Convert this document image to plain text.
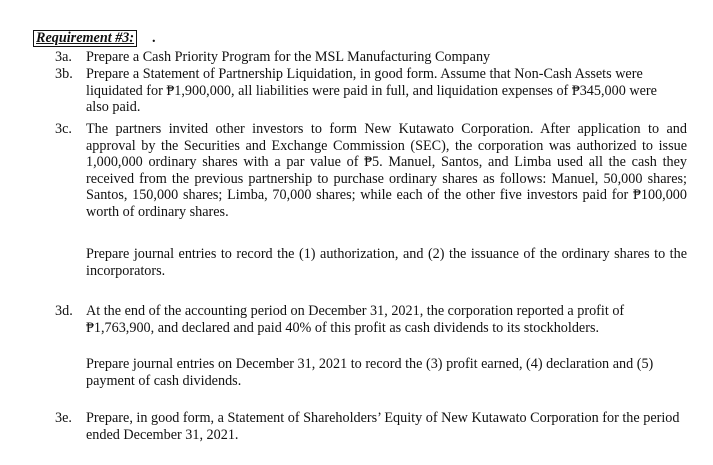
Requirement #3: .
3a. Prepare a Cash Priority Program for the MSL Manufacturing Company
3b. Prepare a Statement of Partnership Liquidation, in good form. Assume that Non-Cash Assets were liquidated for ₱1,900,000, all liabilities were paid in full, and liquidation expenses of ₱345,000 were also paid.
3c. The partners invited other investors to form New Kutawato Corporation. After application to and approval by the Securities and Exchange Commission (SEC), the corporation was authorized to issue 1,000,000 ordinary shares with a par value of ₱5. Manuel, Santos, and Limba used all the cash they received from the previous partnership to purchase ordinary shares as follows: Manuel, 50,000 shares; Santos, 150,000 shares; Limba, 70,000 shares; while each of the other five investors paid for ₱100,000 worth of ordinary shares.
Prepare journal entries to record the (1) authorization, and (2) the issuance of the ordinary shares to the incorporators.
3d. At the end of the accounting period on December 31, 2021, the corporation reported a profit of ₱1,763,900, and declared and paid 40% of this profit as cash dividends to its stockholders.
Prepare journal entries on December 31, 2021 to record the (3) profit earned, (4) declaration and (5) payment of cash dividends.
3e. Prepare, in good form, a Statement of Shareholders’ Equity of New Kutawato Corporation for the period ended December 31, 2021.
